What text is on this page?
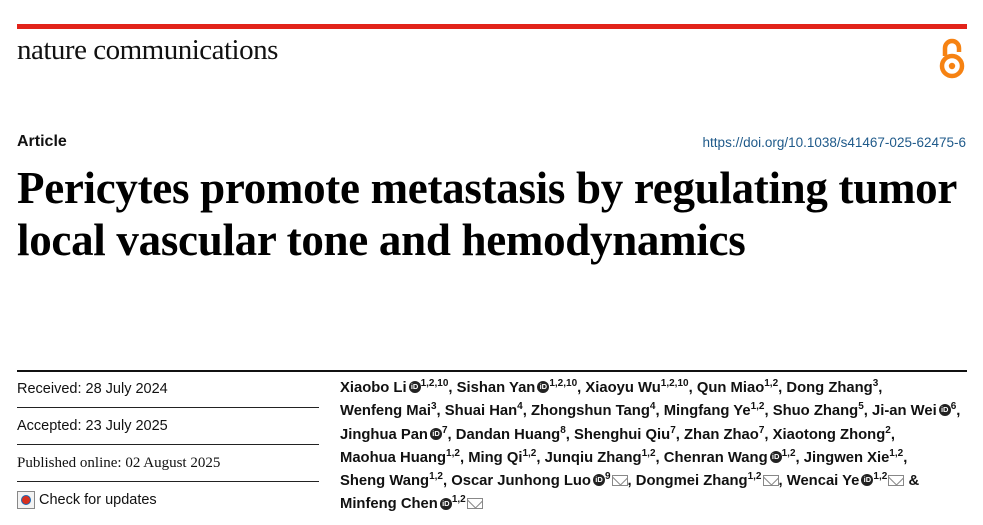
nature communications
Article	https://doi.org/10.1038/s41467-025-62475-6
Pericytes promote metastasis by regulating tumor local vascular tone and hemodynamics
Received: 28 July 2024
Accepted: 23 July 2025
Published online: 02 August 2025
Check for updates
Xiaobo Li iD $^{1,2,10}$, Sishan Yan iD $^{1,2,10}$, Xiaoyu Wu$^{1,2,10}$, Qun Miao$^{1,2}$, Dong Zhang$^3$, Wenfeng Mai$^3$, Shuai Han$^4$, Zhongshun Tang$^4$, Mingfang Ye$^{1,2}$, Shuo Zhang$^5$, Ji-an Wei iD $^6$, Jinghua Pan iD $^7$, Dandan Huang$^8$, Shenghui Qiu$^7$, Zhan Zhao$^7$, Xiaotong Zhong$^2$, Maohua Huang$^{1,2}$, Ming Qi$^{1,2}$, Junqiu Zhang$^{1,2}$, Chenran Wang iD $^{1,2}$, Jingwen Xie$^{1,2}$, Sheng Wang$^{1,2}$, Oscar Junhong Luo iD $^9$ , Dongmei Zhang$^{1,2}$ , Wencai Ye iD $^{1,2}$ & Minfeng Chen iD $^{1,2}$
